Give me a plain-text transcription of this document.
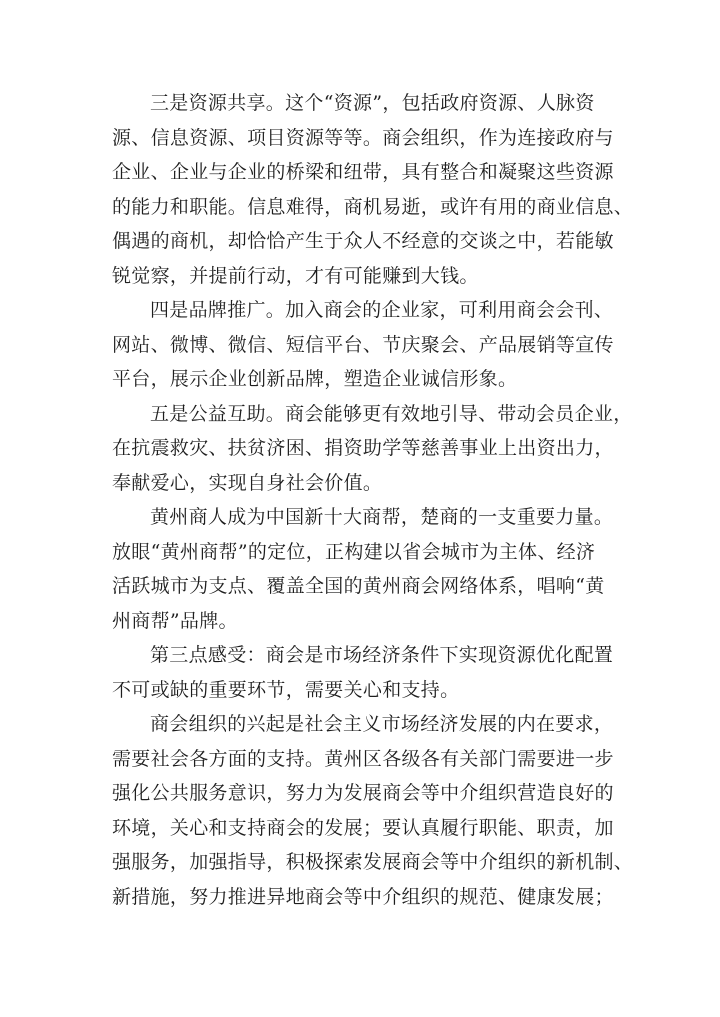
三是资源共享。这个“资源”，包括政府资源、人脉资
源、信息资源、项目资源等等。商会组织，作为连接政府与
企业、企业与企业的桥梁和纽带，具有整合和凝聚这些资源
的能力和职能。信息难得，商机易逝，或许有用的商业信息、
偶遇的商机，却恰恰产生于众人不经意的交谈之中，若能敏
锐觉察，并提前行动，才有可能赚到大钱。

四是品牌推广。加入商会的企业家，可利用商会会刊、
网站、微博、微信、短信平台、节庆聚会、产品展销等宣传
平台，展示企业创新品牌，塑造企业诚信形象。

五是公益互助。商会能够更有效地引导、带动会员企业，
在抗震救灾、扶贫济困、捐资助学等慈善事业上出资出力，
奉献爱心，实现自身社会价值。

黄州商人成为中国新十大商帮，楚商的一支重要力量。
放眼“黄州商帮”的定位，正构建以省会城市为主体、经济
活跃城市为支点、覆盖全国的黄州商会网络体系，唱响“黄
州商帮”品牌。

第三点感受：商会是市场经济条件下实现资源优化配置
不可或缺的重要环节，需要关心和支持。

商会组织的兴起是社会主义市场经济发展的内在要求，
需要社会各方面的支持。黄州区各级各有关部门需要进一步
强化公共服务意识，努力为发展商会等中介组织营造良好的
环境，关心和支持商会的发展；要认真履行职能、职责，加
强服务，加强指导，积极探索发展商会等中介组织的新机制、
新措施，努力推进异地商会等中介组织的规范、健康发展；
